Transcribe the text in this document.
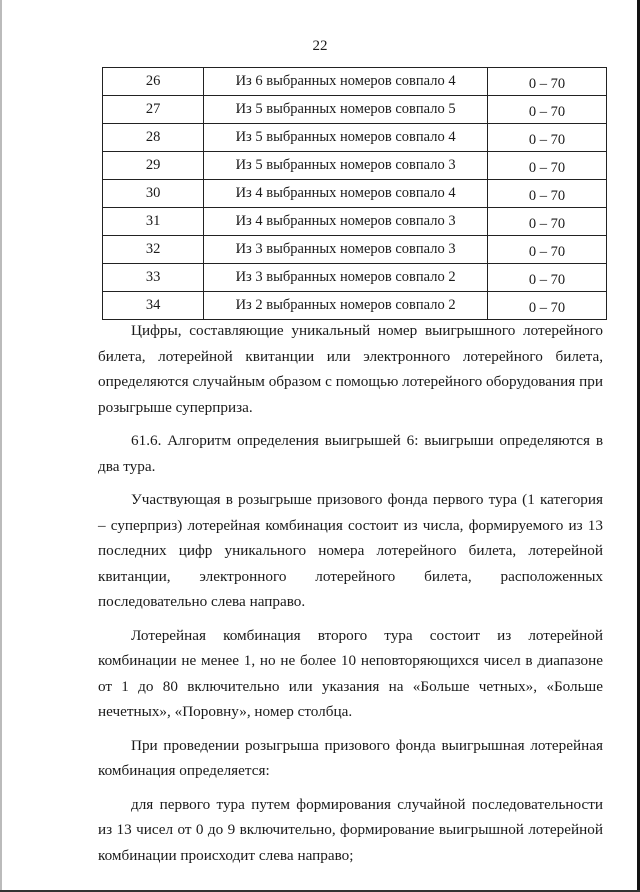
22
26	Из 6 выбранных номеров совпало 4	0 – 70
27	Из 5 выбранных номеров совпало 5	0 – 70
28	Из 5 выбранных номеров совпало 4	0 – 70
29	Из 5 выбранных номеров совпало 3	0 – 70
30	Из 4 выбранных номеров совпало 4	0 – 70
31	Из 4 выбранных номеров совпало 3	0 – 70
32	Из 3 выбранных номеров совпало 3	0 – 70
33	Из 3 выбранных номеров совпало 2	0 – 70
34	Из 2 выбранных номеров совпало 2	0 – 70

Цифры, составляющие уникальный номер выигрышного лотерейного билета, лотерейной квитанции или электронного лотерейного билета, определяются случайным образом с помощью лотерейного оборудования при розыгрыше суперприза.

61.6. Алгоритм определения выигрышей 6: выигрыши определяются в два тура.

Участвующая в розыгрыше призового фонда первого тура (1 категория – суперприз) лотерейная комбинация состоит из числа, формируемого из 13 последних цифр уникального номера лотерейного билета, лотерейной квитанции, электронного лотерейного билета, расположенных последовательно слева направо.

Лотерейная комбинация второго тура состоит из лотерейной комбинации не менее 1, но не более 10 неповторяющихся чисел в диапазоне от 1 до 80 включительно или указания на «Больше четных», «Больше нечетных», «Поровну», номер столбца.

При проведении розыгрыша призового фонда выигрышная лотерейная комбинация определяется:

для первого тура путем формирования случайной последовательности из 13 чисел от 0 до 9 включительно, формирование выигрышной лотерейной комбинации происходит слева направо;
